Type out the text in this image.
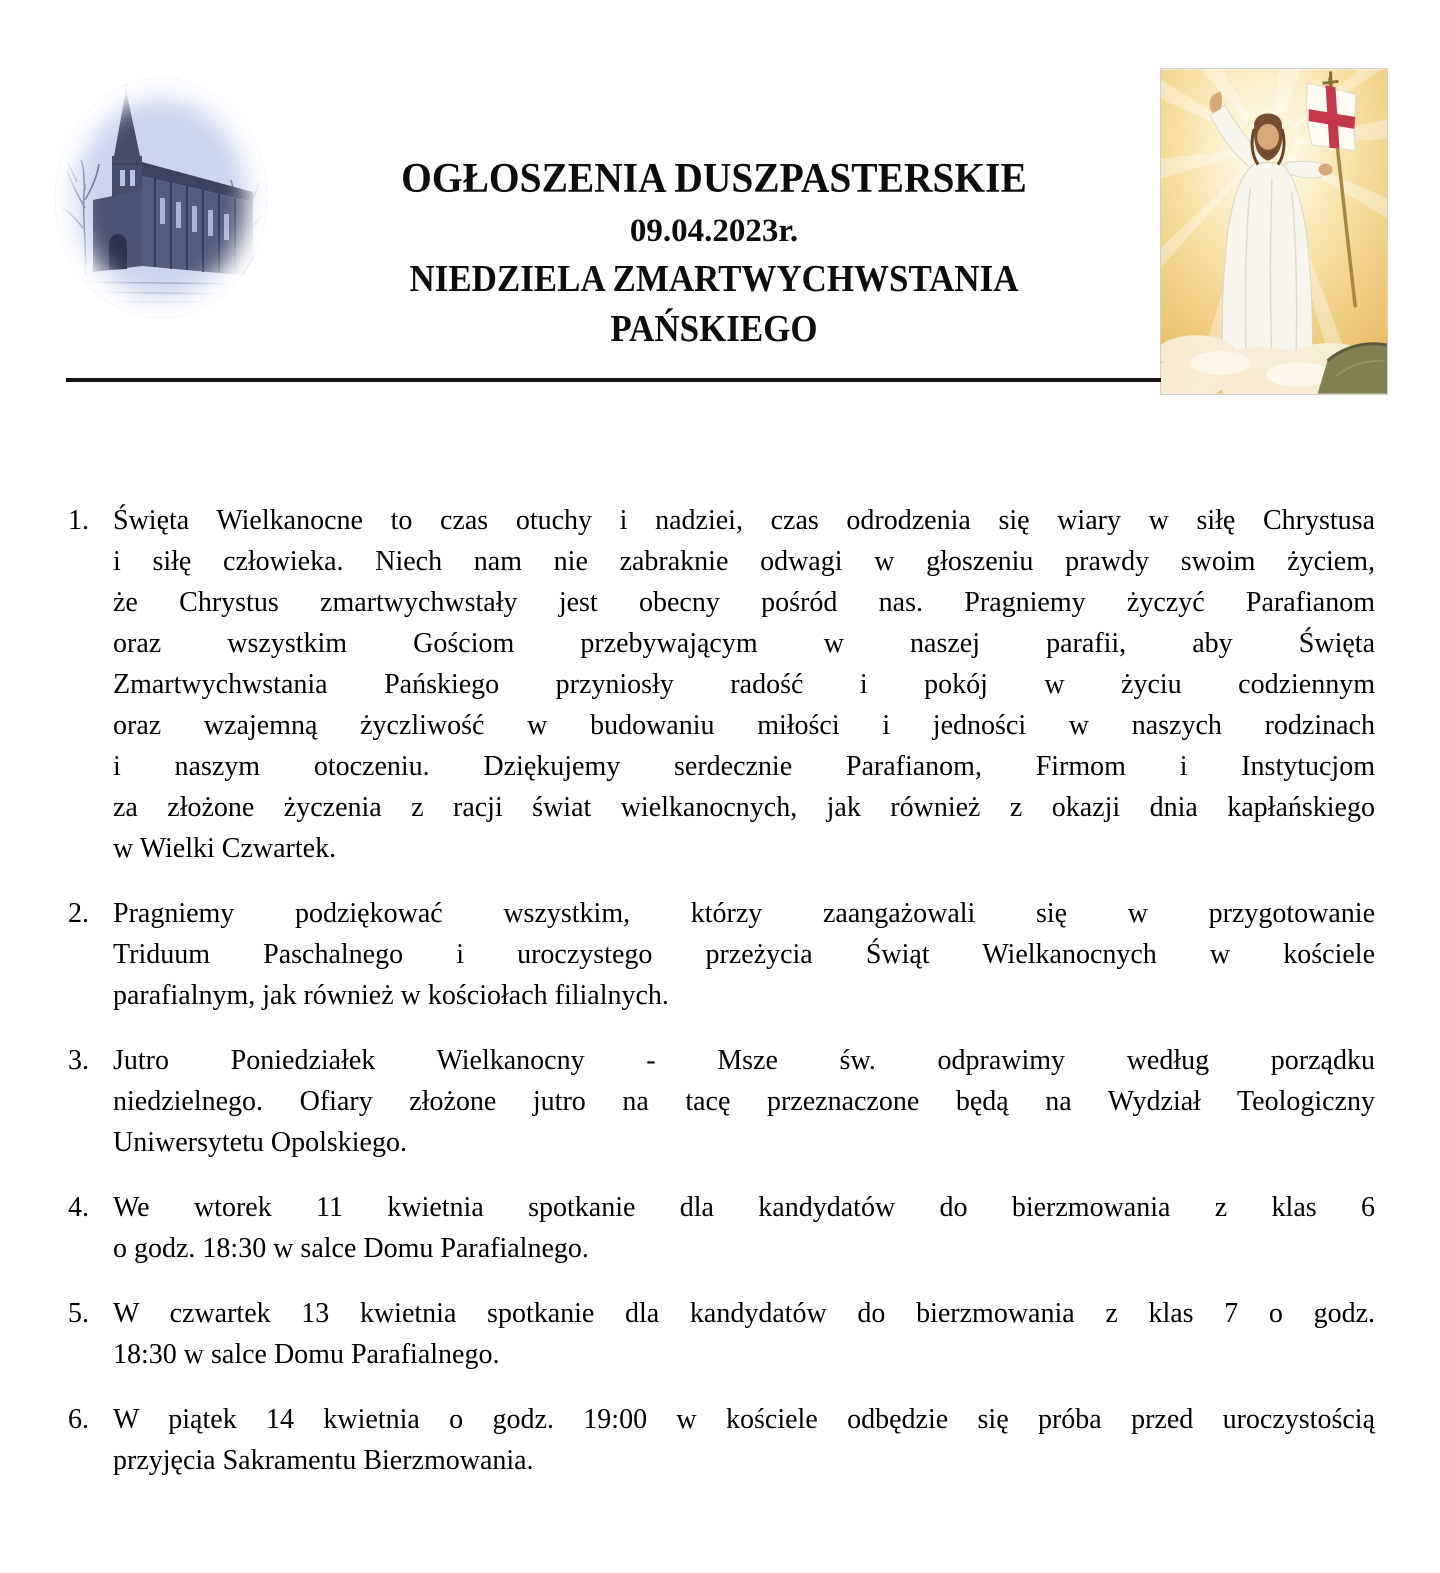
OGŁOSZENIA DUSZPASTERSKIE
09.04.2023r.
NIEDZIELA ZMARTWYCHWSTANIA PAŃSKIEGO
1. Święta Wielkanocne to czas otuchy i nadziei, czas odrodzenia się wiary w siłę Chrystusa
i siłę człowieka. Niech nam nie zabraknie odwagi w głoszeniu prawdy swoim życiem,
że Chrystus zmartwychwstały jest obecny pośród nas. Pragniemy życzyć Parafianom
oraz wszystkim Gościom przebywającym w naszej parafii, aby Święta
Zmartwychwstania Pańskiego przyniosły radość i pokój w życiu codziennym
oraz wzajemną życzliwość w budowaniu miłości i jedności w naszych rodzinach
i naszym otoczeniu. Dziękujemy serdecznie Parafianom, Firmom i Instytucjom
za złożone życzenia z racji świat wielkanocnych, jak również z okazji dnia kapłańskiego
w Wielki Czwartek.
2. Pragniemy podziękować wszystkim, którzy zaangażowali się w przygotowanie
Triduum Paschalnego i uroczystego przeżycia Świąt Wielkanocnych w kościele
parafialnym, jak również w kościołach filialnych.
3. Jutro Poniedziałek Wielkanocny - Msze św. odprawimy według porządku
niedzielnego. Ofiary złożone jutro na tacę przeznaczone będą na Wydział Teologiczny
Uniwersytetu Opolskiego.
4. We wtorek 11 kwietnia spotkanie dla kandydatów do bierzmowania z klas 6
o godz. 18:30 w salce Domu Parafialnego.
5. W czwartek 13 kwietnia spotkanie dla kandydatów do bierzmowania z klas 7 o godz.
18:30 w salce Domu Parafialnego.
6. W piątek 14 kwietnia o godz. 19:00 w kościele odbędzie się próba przed uroczystością
przyjęcia Sakramentu Bierzmowania.
